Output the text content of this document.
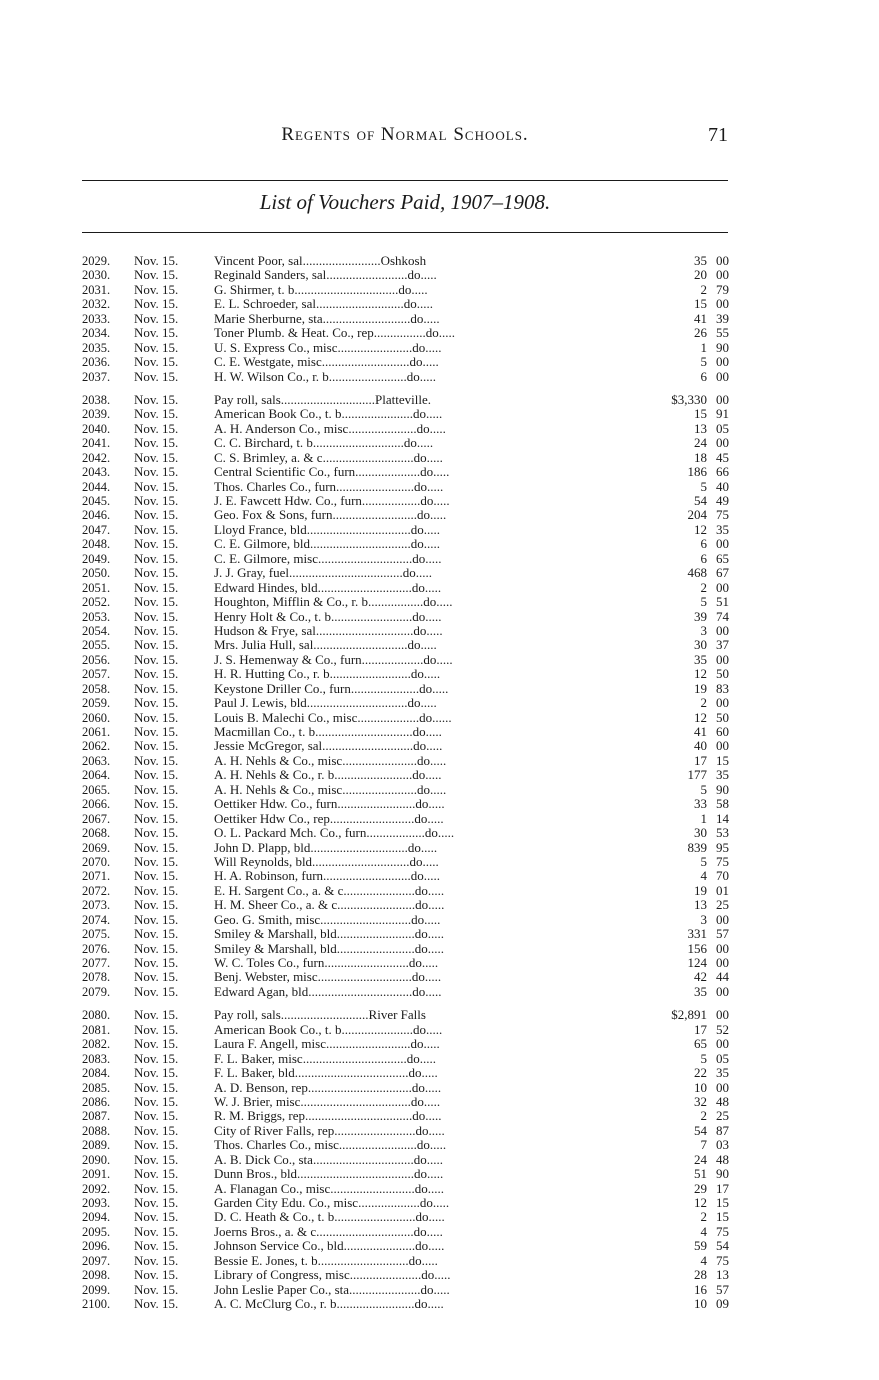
Regents of Normal Schools.	71
List of Vouchers Paid, 1907–1908.
2029.	Nov. 15.	Vincent Poor, sal........................Oshkosh	35 00
2030.	Nov. 15.	Reginald Sanders, sal.........................do.....	20 00
2031.	Nov. 15.	G. Shirmer, t. b................................do.....	2 79
2032.	Nov. 15.	E. L. Schroeder, sal...........................do.....	15 00
2033.	Nov. 15.	Marie Sherburne, sta...........................do.....	41 39
2034.	Nov. 15.	Toner Plumb. & Heat. Co., rep................do.....	26 55
2035.	Nov. 15.	U. S. Express Co., misc.......................do.....	1 90
2036.	Nov. 15.	C. E. Westgate, misc...........................do.....	5 00
2037.	Nov. 15.	H. W. Wilson Co., r. b........................do.....	6 00
2038.	Nov. 15.	Pay roll, sals.............................Platteville.	$3,330 00
2039.	Nov. 15.	American Book Co., t. b......................do.....	15 91
2040.	Nov. 15.	A. H. Anderson Co., misc.....................do.....	13 05
2041.	Nov. 15.	C. C. Birchard, t. b............................do.....	24 00
2042.	Nov. 15.	C. S. Brimley, a. & c............................do.....	18 45
2043.	Nov. 15.	Central Scientific Co., furn....................do.....	186 66
2044.	Nov. 15.	Thos. Charles Co., furn........................do.....	5 40
2045.	Nov. 15.	J. E. Fawcett Hdw. Co., furn..................do.....	54 49
2046.	Nov. 15.	Geo. Fox & Sons, furn..........................do.....	204 75
2047.	Nov. 15.	Lloyd France, bld................................do.....	12 35
2048.	Nov. 15.	C. E. Gilmore, bld...............................do.....	6 00
2049.	Nov. 15.	C. E. Gilmore, misc.............................do.....	6 65
2050.	Nov. 15.	J. J. Gray, fuel...................................do.....	468 67
2051.	Nov. 15.	Edward Hindes, bld.............................do.....	2 00
2052.	Nov. 15.	Houghton, Mifflin & Co., r. b.................do.....	5 51
2053.	Nov. 15.	Henry Holt & Co., t. b.........................do.....	39 74
2054.	Nov. 15.	Hudson & Frye, sal..............................do.....	3 00
2055.	Nov. 15.	Mrs. Julia Hull, sal.............................do.....	30 37
2056.	Nov. 15.	J. S. Hemenway & Co., furn...................do.....	35 00
2057.	Nov. 15.	H. R. Hutting Co., r. b.........................do.....	12 50
2058.	Nov. 15.	Keystone Driller Co., furn.....................do.....	19 83
2059.	Nov. 15.	Paul J. Lewis, bld...............................do.....	2 00
2060.	Nov. 15.	Louis B. Malechi Co., misc...................do......	12 50
2061.	Nov. 15.	Macmillan Co., t. b..............................do.....	41 60
2062.	Nov. 15.	Jessie McGregor, sal............................do.....	40 00
2063.	Nov. 15.	A. H. Nehls & Co., misc.......................do.....	17 15
2064.	Nov. 15.	A. H. Nehls & Co., r. b........................do.....	177 35
2065.	Nov. 15.	A. H. Nehls & Co., misc.......................do.....	5 90
2066.	Nov. 15.	Oettiker Hdw. Co., furn........................do.....	33 58
2067.	Nov. 15.	Oettiker Hdw Co., rep..........................do.....	1 14
2068.	Nov. 15.	O. L. Packard Mch. Co., furn..................do.....	30 53
2069.	Nov. 15.	John D. Plapp, bld..............................do.....	839 95
2070.	Nov. 15.	Will Reynolds, bld..............................do.....	5 75
2071.	Nov. 15.	H. A. Robinson, furn...........................do.....	4 70
2072.	Nov. 15.	E. H. Sargent Co., a. & c......................do.....	19 01
2073.	Nov. 15.	H. M. Sheer Co., a. & c........................do.....	13 25
2074.	Nov. 15.	Geo. G. Smith, misc............................do.....	3 00
2075.	Nov. 15.	Smiley & Marshall, bld........................do.....	331 57
2076.	Nov. 15.	Smiley & Marshall, bld........................do.....	156 00
2077.	Nov. 15.	W. C. Toles Co., furn..........................do.....	124 00
2078.	Nov. 15.	Benj. Webster, misc.............................do.....	42 44
2079.	Nov. 15.	Edward Agan, bld................................do.....	35 00
2080.	Nov. 15.	Pay roll, sals...........................River Falls	$2,891 00
2081.	Nov. 15.	American Book Co., t. b......................do.....	17 52
2082.	Nov. 15.	Laura F. Angell, misc..........................do.....	65 00
2083.	Nov. 15.	F. L. Baker, misc................................do.....	5 05
2084.	Nov. 15.	F. L. Baker, bld...................................do.....	22 35
2085.	Nov. 15.	A. D. Benson, rep................................do.....	10 00
2086.	Nov. 15.	W. J. Brier, misc..................................do.....	32 48
2087.	Nov. 15.	R. M. Briggs, rep.................................do.....	2 25
2088.	Nov. 15.	City of River Falls, rep.........................do.....	54 87
2089.	Nov. 15.	Thos. Charles Co., misc........................do.....	7 03
2090.	Nov. 15.	A. B. Dick Co., sta...............................do.....	24 48
2091.	Nov. 15.	Dunn Bros., bld....................................do.....	51 90
2092.	Nov. 15.	A. Flanagan Co., misc..........................do.....	29 17
2093.	Nov. 15.	Garden City Edu. Co., misc...................do.....	12 15
2094.	Nov. 15.	D. C. Heath & Co., t. b.........................do.....	2 15
2095.	Nov. 15.	Joerns Bros., a. & c..............................do.....	4 75
2096.	Nov. 15.	Johnson Service Co., bld......................do.....	59 54
2097.	Nov. 15.	Bessie E. Jones, t. b............................do.....	4 75
2098.	Nov. 15.	Library of Congress, misc......................do.....	28 13
2099.	Nov. 15.	John Leslie Paper Co., sta......................do.....	16 57
2100.	Nov. 15.	A. C. McClurg Co., r. b........................do.....	10 09
